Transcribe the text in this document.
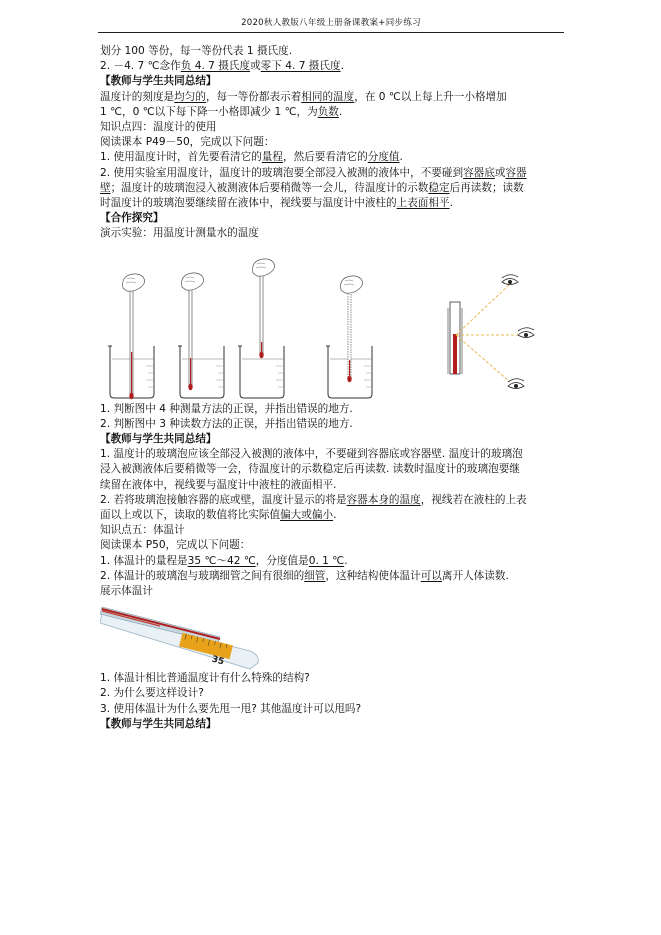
2020秋人教版八年级上册备课教案+同步练习
划分 100 等份，每一等份代表 1 摄氏度.
2. －4. 7 ℃念作负 4. 7 摄氏度或零下 4. 7 摄氏度.
【教师与学生共同总结】
温度计的刻度是均匀的，每一等份都表示着相同的温度，在 0 ℃以上每上升一小格增加
1 ℃，0 ℃以下每下降一小格即减少 1 ℃，为负数.
知识点四：温度计的使用
阅读课本 P49－50，完成以下问题：
1. 使用温度计时，首先要看清它的量程，然后要看清它的分度值.
2. 使用实验室用温度计，温度计的玻璃泡要全部浸入被测的液体中，不要碰到容器底或容器
壁；温度计的玻璃泡浸入被测液体后要稍微等一会儿，待温度计的示数稳定后再读数；读数
时温度计的玻璃泡要继续留在液体中，视线要与温度计中液柱的上表面相平.
【合作探究】
演示实验：用温度计测量水的温度
1. 判断图中 4 种测量方法的正误，并指出错误的地方.
2. 判断图中 3 种读数方法的正误，并指出错误的地方.
【教师与学生共同总结】
1. 温度计的玻璃泡应该全部浸入被测的液体中，不要碰到容器底或容器壁. 温度计的玻璃泡
浸入被测液体后要稍微等一会，待温度计的示数稳定后再读数. 读数时温度计的玻璃泡要继
续留在液体中，视线要与温度计中液柱的液面相平.
2. 若将玻璃泡接触容器的底或壁，温度计显示的将是容器本身的温度，视线若在液柱的上表
面以上或以下，读取的数值将比实际值偏大或偏小.
知识点五：体温计
阅读课本 P50，完成以下问题：
1. 体温计的量程是35 ℃～42 ℃，分度值是0. 1 ℃.
2. 体温计的玻璃泡与玻璃细管之间有很细的细管，这种结构使体温计可以离开人体读数.
展示体温计
35
1. 体温计相比普通温度计有什么特殊的结构?
2. 为什么要这样设计?
3. 使用体温计为什么要先甩一甩? 其他温度计可以甩吗?
【教师与学生共同总结】
